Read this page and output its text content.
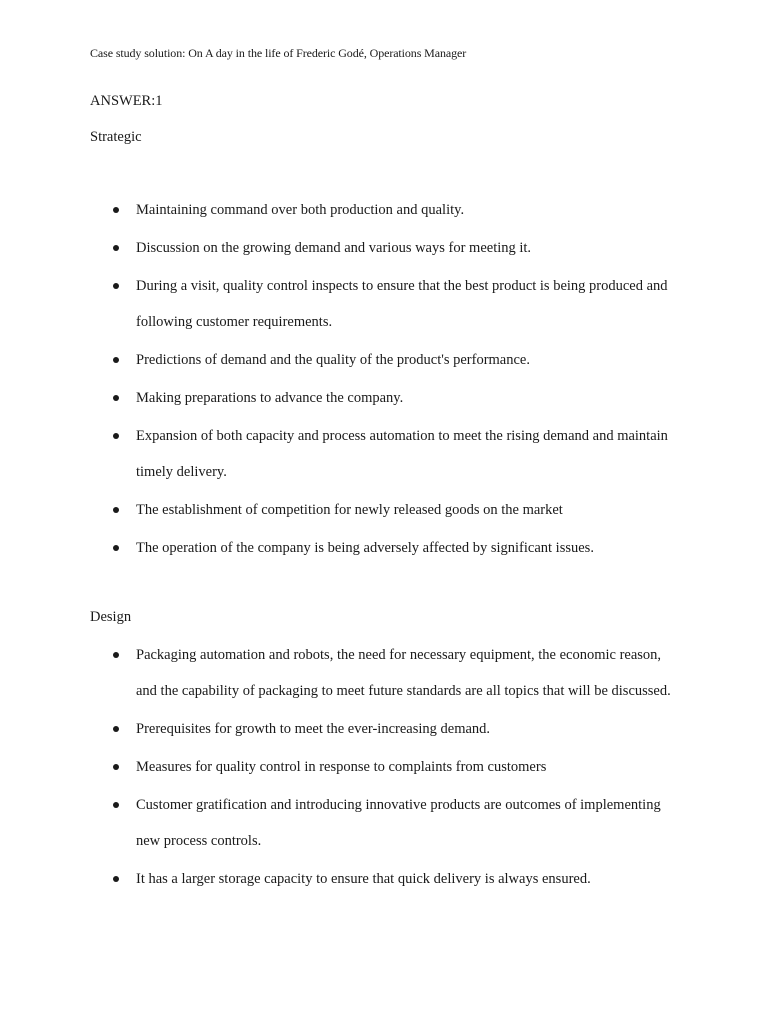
Case study solution: On A day in the life of Frederic Godé, Operations Manager
ANSWER:1
Strategic
Maintaining command over both production and quality.
Discussion on the growing demand and various ways for meeting it.
During a visit, quality control inspects to ensure that the best product is being produced and following customer requirements.
Predictions of demand and the quality of the product's performance.
Making preparations to advance the company.
Expansion of both capacity and process automation to meet the rising demand and maintain timely delivery.
The establishment of competition for newly released goods on the market
The operation of the company is being adversely affected by significant issues.
Design
Packaging automation and robots, the need for necessary equipment, the economic reason, and the capability of packaging to meet future standards are all topics that will be discussed.
Prerequisites for growth to meet the ever-increasing demand.
Measures for quality control in response to complaints from customers
Customer gratification and introducing innovative products are outcomes of implementing new process controls.
It has a larger storage capacity to ensure that quick delivery is always ensured.
